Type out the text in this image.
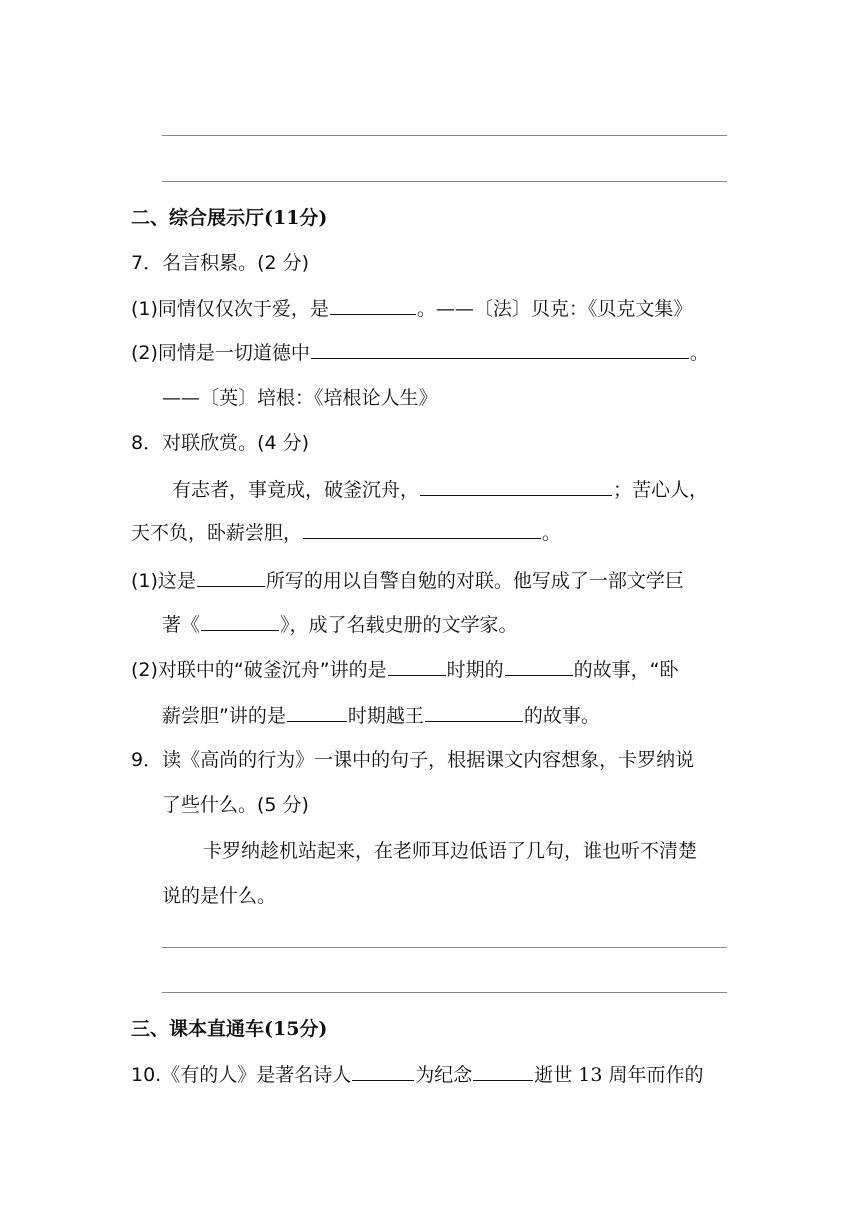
二、综合展示厅(11分)
7．名言积累。(2 分)
(1)同情仅仅次于爱，是	。——〔法〕贝克：《贝克文集》
(2)同情是一切道德中	。
——〔英〕培根：《培根论人生》
8．对联欣赏。(4 分)
有志者，事竟成，破釜沉舟，	；苦心人，
天不负，卧薪尝胆，	。
(1)这是	所写的用以自警自勉的对联。他写成了一部文学巨
著《	》，成了名载史册的文学家。
(2)对联中的“破釜沉舟”讲的是	时期的	的故事，“卧
薪尝胆”讲的是	时期越王	的故事。
9．读《高尚的行为》一课中的句子，根据课文内容想象，卡罗纳说
了些什么。(5 分)
卡罗纳趁机站起来，在老师耳边低语了几句，谁也听不清楚
说的是什么。
三、课本直通车(15分)
10.《有的人》是著名诗人	为纪念	逝世 13 周年而作的
